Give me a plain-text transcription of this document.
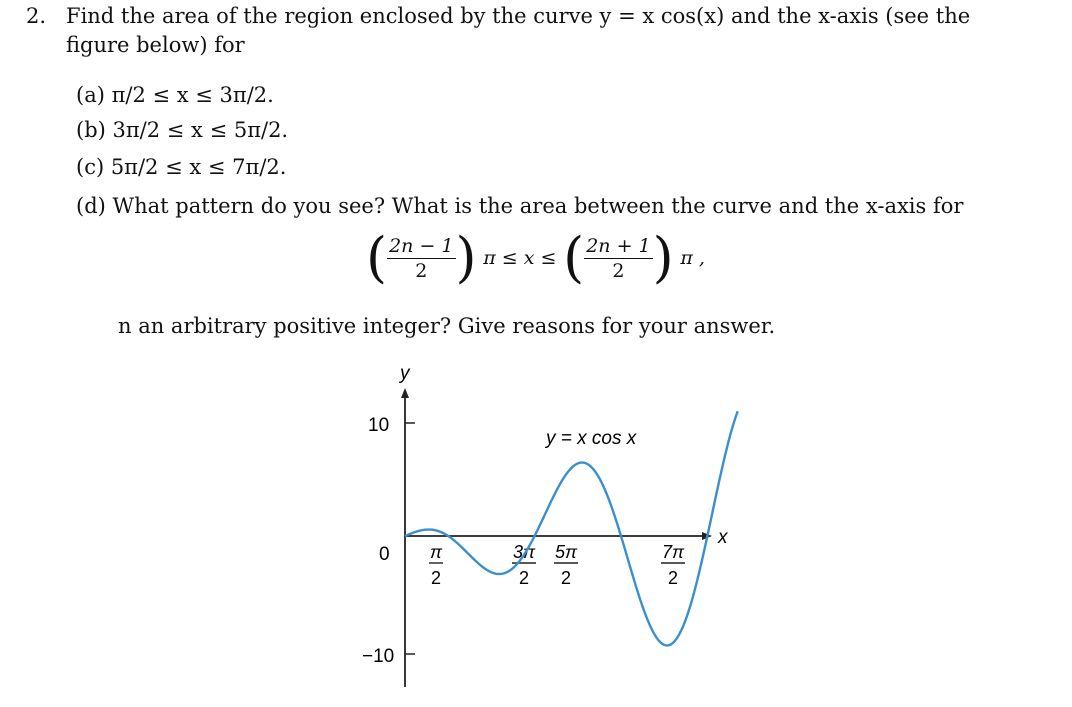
2. Find the area of the region enclosed by the curve y = x cos(x) and the x-axis (see the
figure below) for
(a) π/2 ≤ x ≤ 3π/2.
(b) 3π/2 ≤ x ≤ 5π/2.
(c) 5π/2 ≤ x ≤ 7π/2.
(d) What pattern do you see? What is the area between the curve and the x-axis for
( $\frac{2n - 1}{2}$ ) π ≤ x ≤ ( $\frac{2n + 1}{2}$ ) π ,
n an arbitrary positive integer? Give reasons for your answer.
y
x
10
0
−10
y = x cos x
π
2
3π
2
5π
2
7π
2
